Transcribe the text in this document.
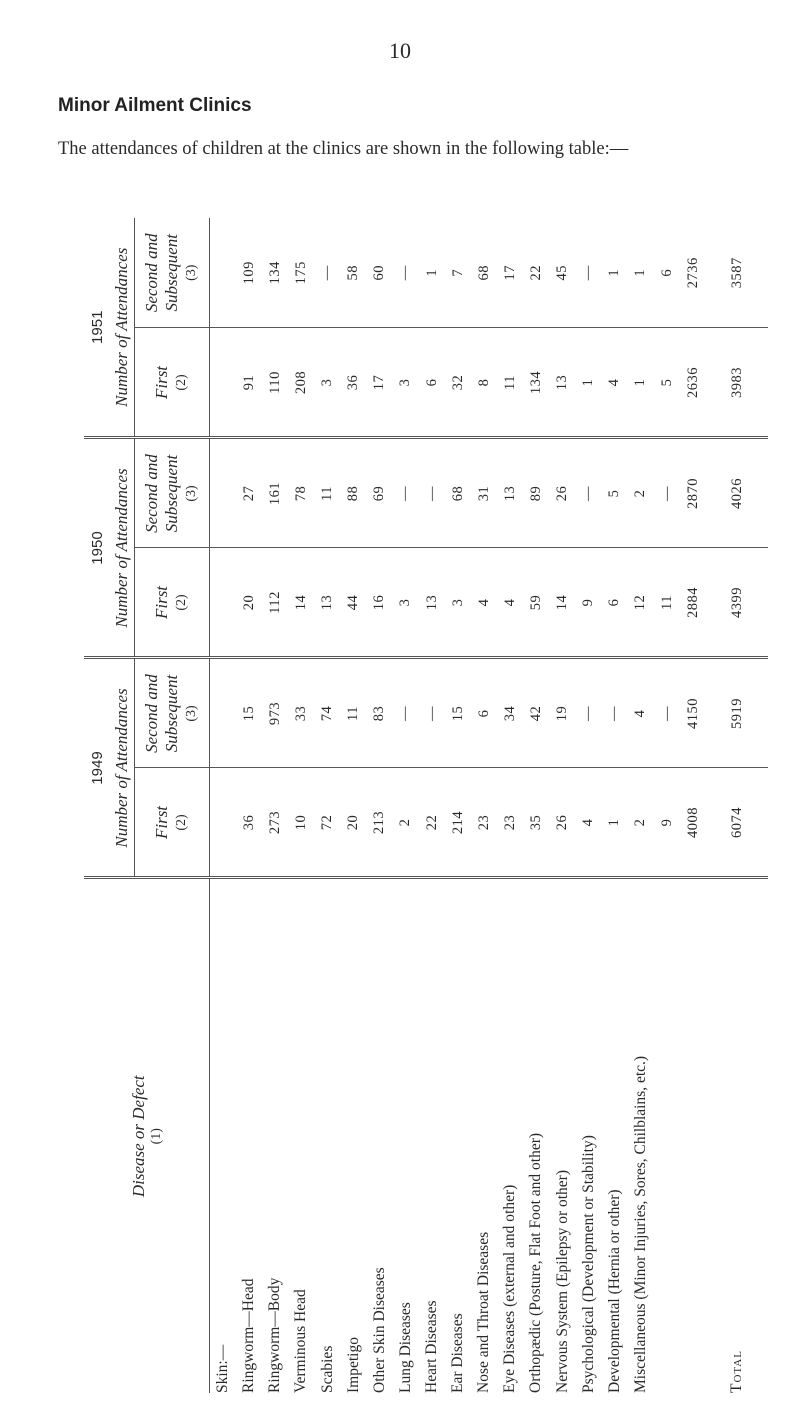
10
Minor Ailment Clinics
The attendances of children at the clinics are shown in the following table:—
Disease or Defect (1)	1949		1950		1951	
	Number of Attendances		Number of Attendances		Number of Attendances	
	First (2)	Second and Subsequent (3)	First (2)	Second and Subsequent (3)	First (2)	Second and Subsequent (3)

Skin:—						
Ringworm—Head	36	15	20	27	91	109
Ringworm—Body	273	973	112	161	110	134
Verminous Head	10	33	14	78	208	175
Scabies	72	74	13	11	3	—
Impetigo	20	11	44	88	36	58
Other Skin Diseases	213	83	16	69	17	60
Lung Diseases	2	—	3	—	3	—
Heart Diseases	22	—	13	—	6	1
Ear Diseases	214	15	3	68	32	7
Nose and Throat Diseases	23	6	4	31	8	68
Eye Diseases (external and other)	23	34	4	13	11	17
Orthopædic (Posture, Flat Foot and other)	35	42	59	89	134	22
Nervous System (Epilepsy or other)	26	19	14	26	13	45
Psychological (Development or Stability)	4	—	9	—	1	—
Developmental (Hernia or other)	1	—	6	5	4	1
Miscellaneous (Minor Injuries, Sores, Chilblains, etc.)	2	4	12	2	1	1
	9	—	11	—	5	6
	4008	4150	2884	2870	2636	2736
Total	6074	5919	4399	4026	3983	3587
